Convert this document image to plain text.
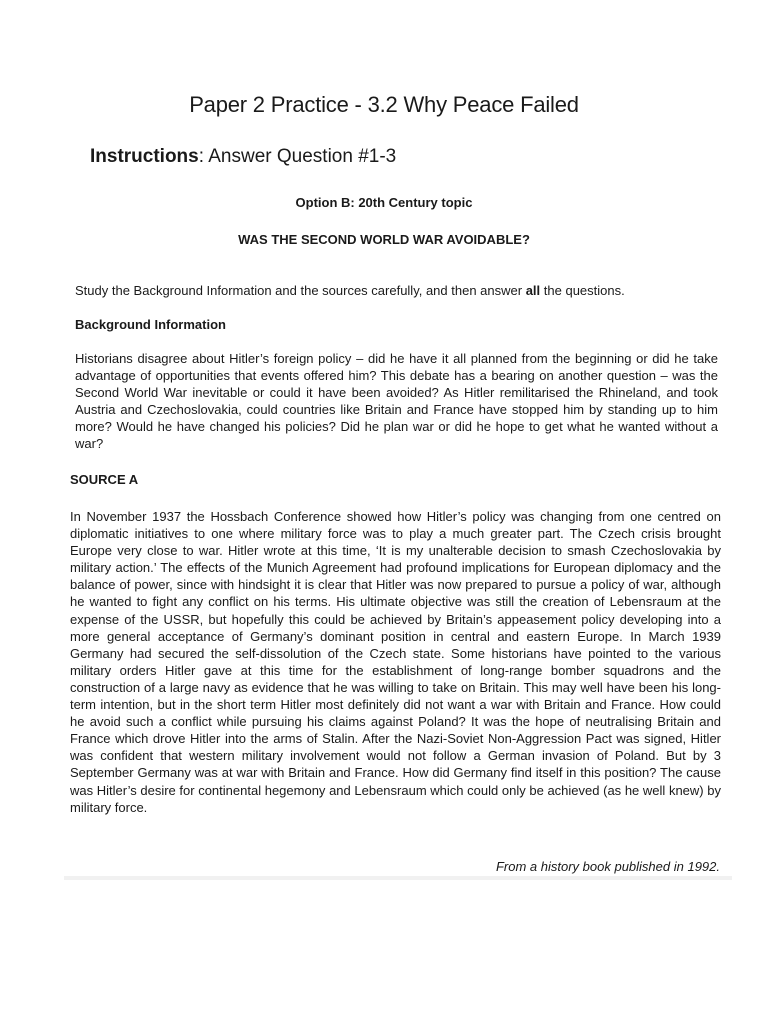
Paper 2 Practice - 3.2 Why Peace Failed

Instructions: Answer Question #1-3

Option B: 20th Century topic

WAS THE SECOND WORLD WAR AVOIDABLE?

Study the Background Information and the sources carefully, and then answer all the questions.

Background Information

Historians disagree about Hitler’s foreign policy – did he have it all planned from the beginning or did he take advantage of opportunities that events offered him? This debate has a bearing on another question – was the Second World War inevitable or could it have been avoided? As Hitler remilitarised the Rhineland, and took Austria and Czechoslovakia, could countries like Britain and France have stopped him by standing up to him more? Would he have changed his policies? Did he plan war or did he hope to get what he wanted without a war?

SOURCE A

In November 1937 the Hossbach Conference showed how Hitler’s policy was changing from one centred on diplomatic initiatives to one where military force was to play a much greater part. The Czech crisis brought Europe very close to war. Hitler wrote at this time, ‘It is my unalterable decision to smash Czechoslovakia by military action.’ The effects of the Munich Agreement had profound implications for European diplomacy and the balance of power, since with hindsight it is clear that Hitler was now prepared to pursue a policy of war, although he wanted to fight any conflict on his terms. His ultimate objective was still the creation of Lebensraum at the expense of the USSR, but hopefully this could be achieved by Britain’s appeasement policy developing into a more general acceptance of Germany’s dominant position in central and eastern Europe. In March 1939 Germany had secured the self-dissolution of the Czech state. Some historians have pointed to the various military orders Hitler gave at this time for the establishment of long-range bomber squadrons and the construction of a large navy as evidence that he was willing to take on Britain. This may well have been his long-term intention, but in the short term Hitler most definitely did not want a war with Britain and France. How could he avoid such a conflict while pursuing his claims against Poland? It was the hope of neutralising Britain and France which drove Hitler into the arms of Stalin. After the Nazi-Soviet Non-Aggression Pact was signed, Hitler was confident that western military involvement would not follow a German invasion of Poland. But by 3 September Germany was at war with Britain and France. How did Germany find itself in this position? The cause was Hitler’s desire for continental hegemony and Lebensraum which could only be achieved (as he well knew) by military force.

From a history book published in 1992.
